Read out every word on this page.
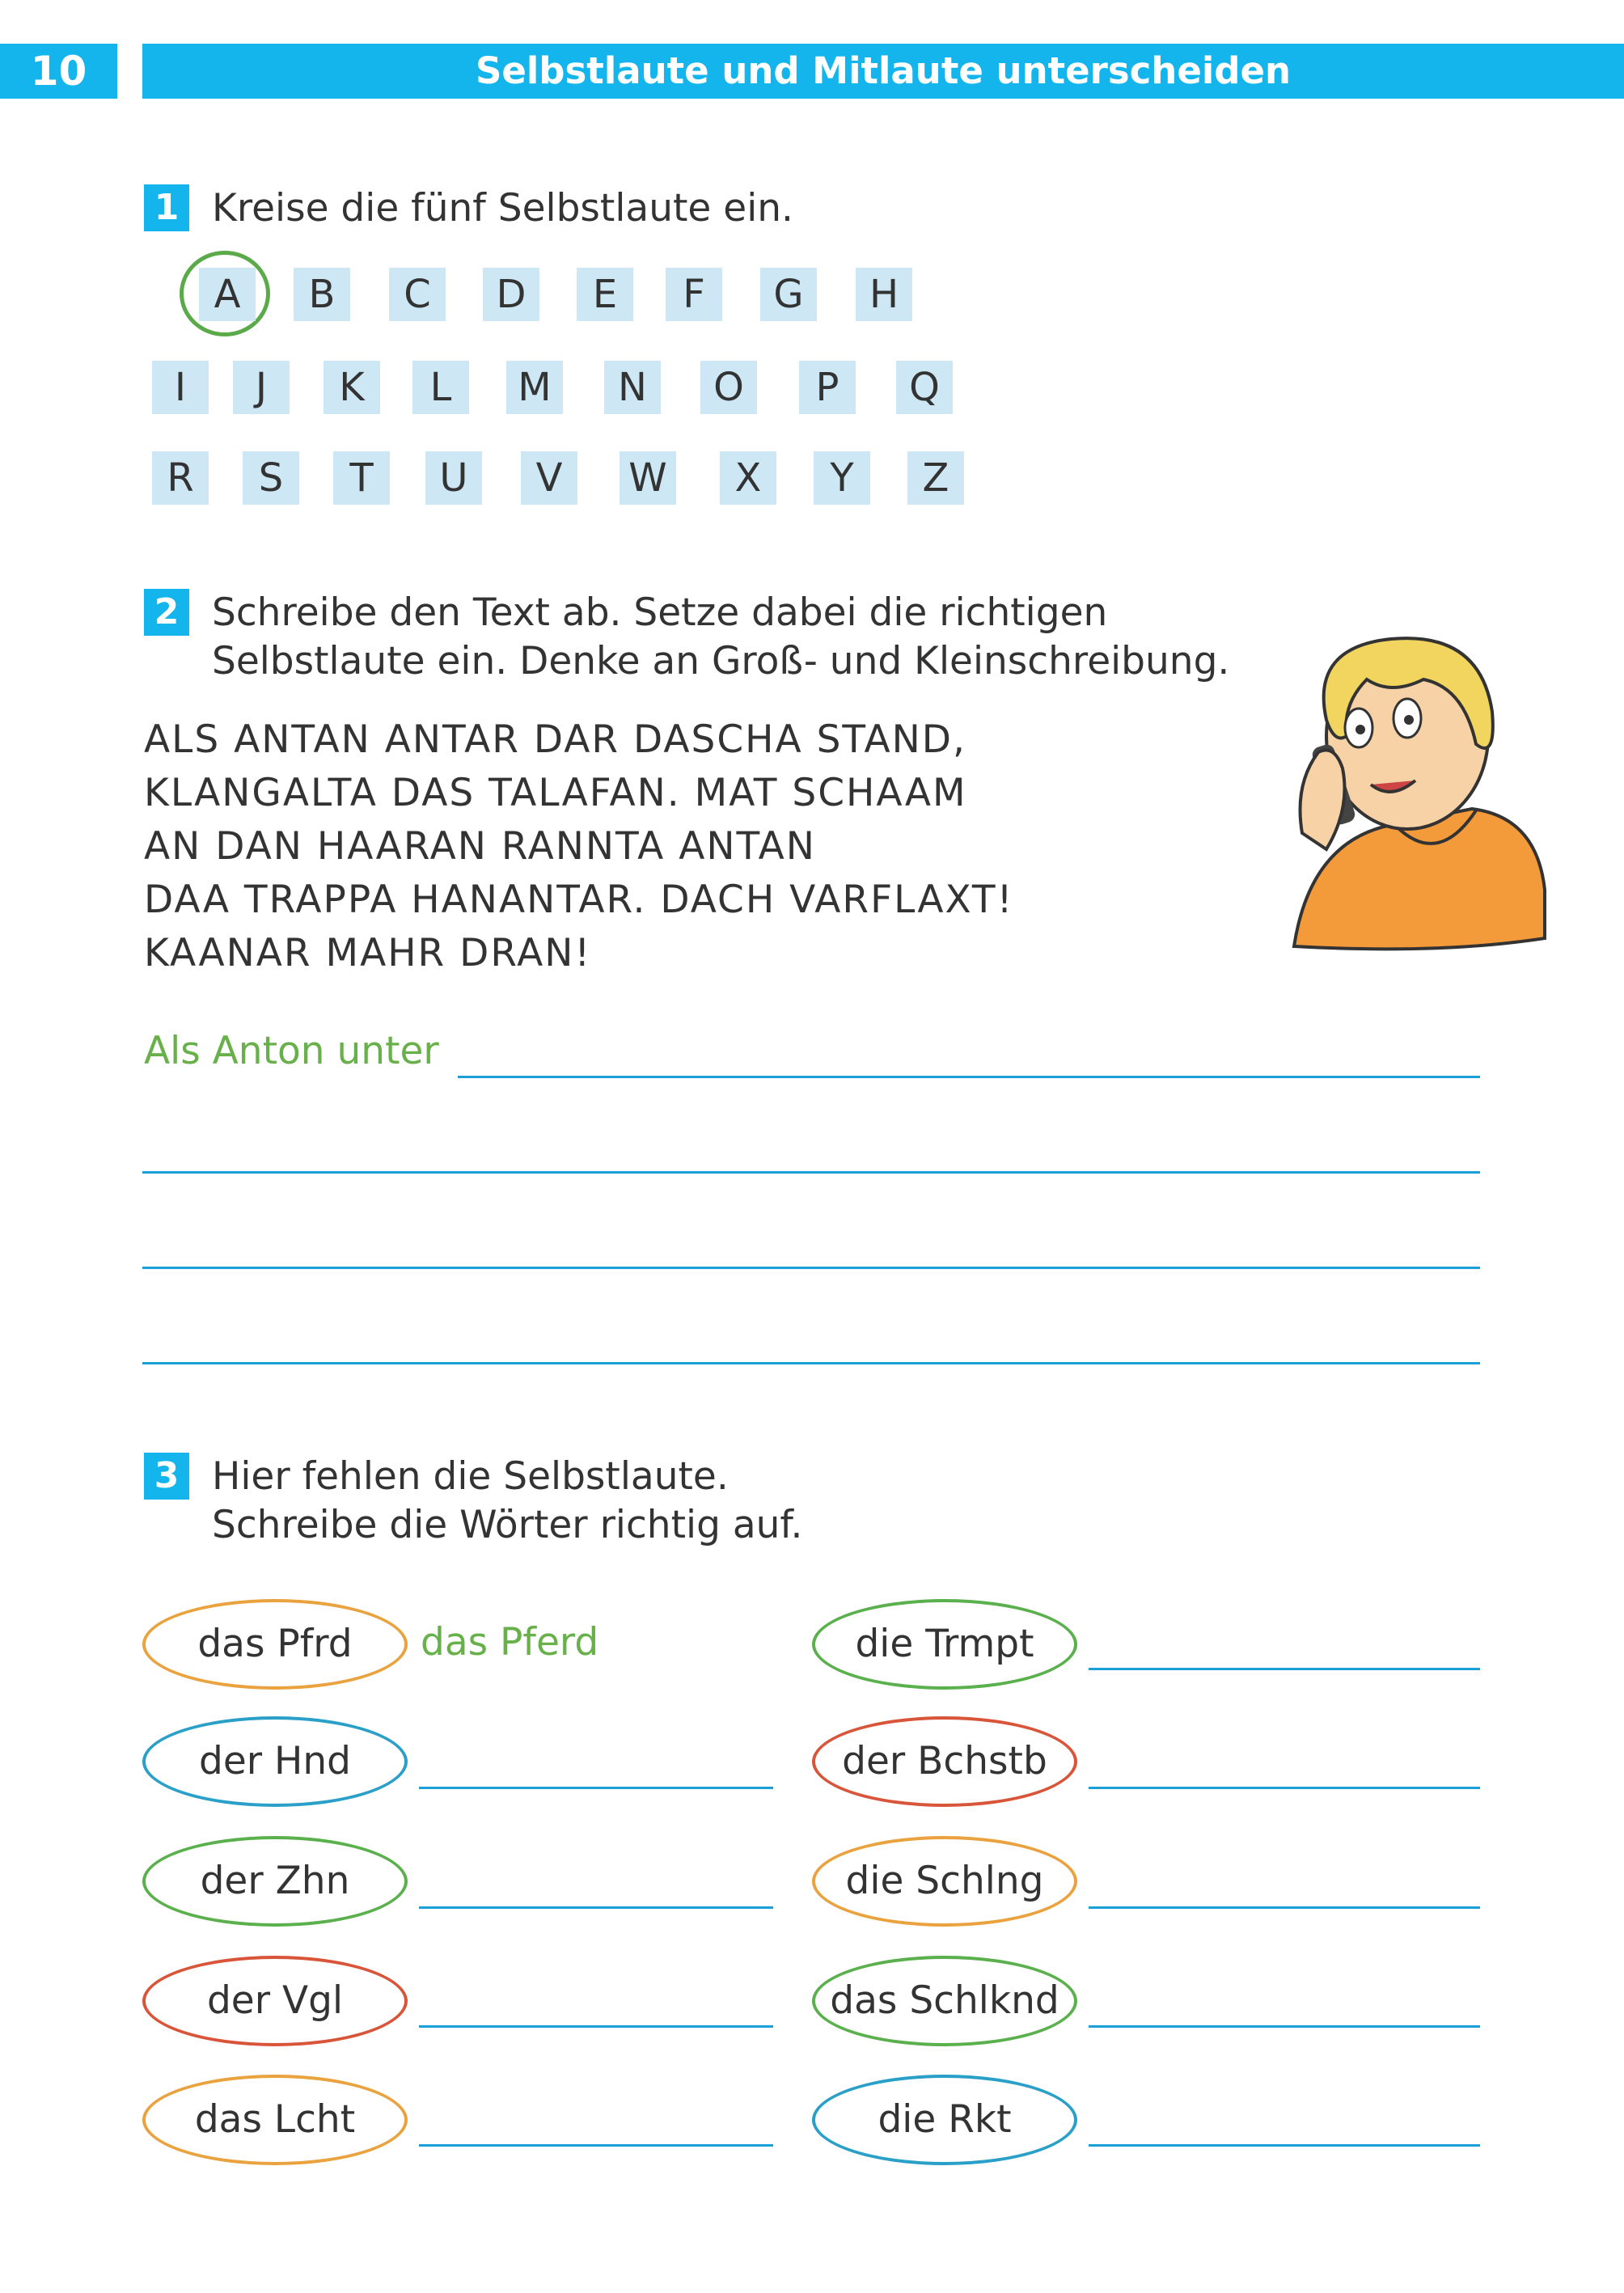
10	Selbstlaute und Mitlaute unterscheiden
1 Kreise die fünf Selbstlaute ein.
A	B	C	D	E	F	G	H
I	J	K	L	M	N	O	P	Q
R	S	T	U	V	W	X	Y	Z
2 Schreibe den Text ab. Setze dabei die richtigen
Selbstlaute ein. Denke an Groß- und Kleinschreibung.
ALS ANTAN ANTAR DAR DASCHA STAND,
KLANGALTA DAS TALAFAN. MAT SCHAAM
AN DAN HAARAN RANNTA ANTAN
DAA TRAPPA HANANTAR. DACH VARFLAXT!
KAANAR MAHR DRAN!
Als Anton unter
3 Hier fehlen die Selbstlaute.
Schreibe die Wörter richtig auf.
das Pfrd	das Pferd
der Hnd
der Zhn
der Vgl
das Lcht
die Trmpt
der Bchstb
die Schlng
das Schlknd
die Rkt
